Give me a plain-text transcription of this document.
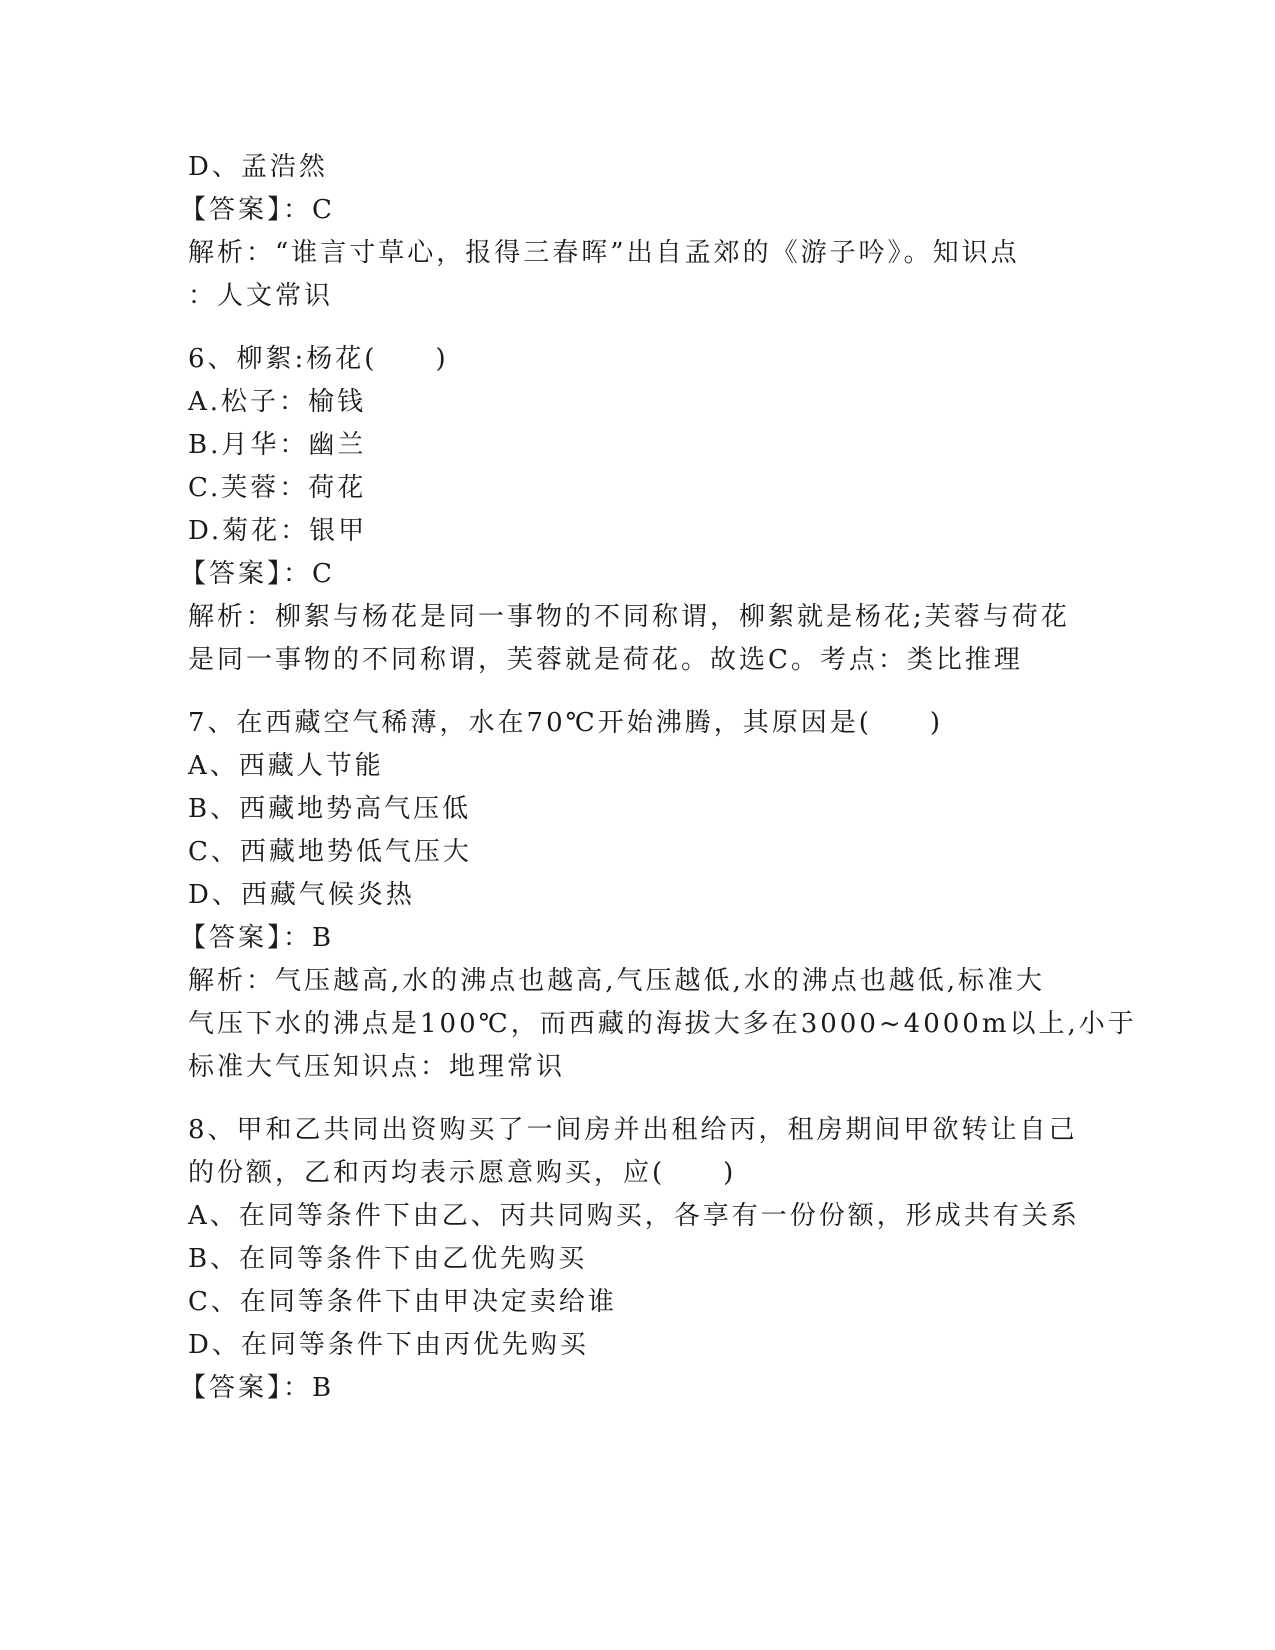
D、孟浩然
【答案】：C
解析：“谁言寸草心，报得三春晖”出自孟郊的《游子吟》。知识点
：人文常识
6、柳絮:杨花(　　)
A.松子：榆钱
B.月华：幽兰
C.芙蓉：荷花
D.菊花：银甲
【答案】：C
解析：柳絮与杨花是同一事物的不同称谓，柳絮就是杨花;芙蓉与荷花
是同一事物的不同称谓，芙蓉就是荷花。故选C。考点：类比推理
7、在西藏空气稀薄，水在70℃开始沸腾，其原因是(　　)
A、西藏人节能
B、西藏地势高气压低
C、西藏地势低气压大
D、西藏气候炎热
【答案】：B
解析：气压越高,水的沸点也越高,气压越低,水的沸点也越低,标准大
气压下水的沸点是100℃，而西藏的海拔大多在3000~4000m以上,小于
标准大气压知识点：地理常识
8、甲和乙共同出资购买了一间房并出租给丙，租房期间甲欲转让自己
的份额，乙和丙均表示愿意购买，应(　　)
A、在同等条件下由乙、丙共同购买，各享有一份份额，形成共有关系
B、在同等条件下由乙优先购买
C、在同等条件下由甲决定卖给谁
D、在同等条件下由丙优先购买
【答案】：B
